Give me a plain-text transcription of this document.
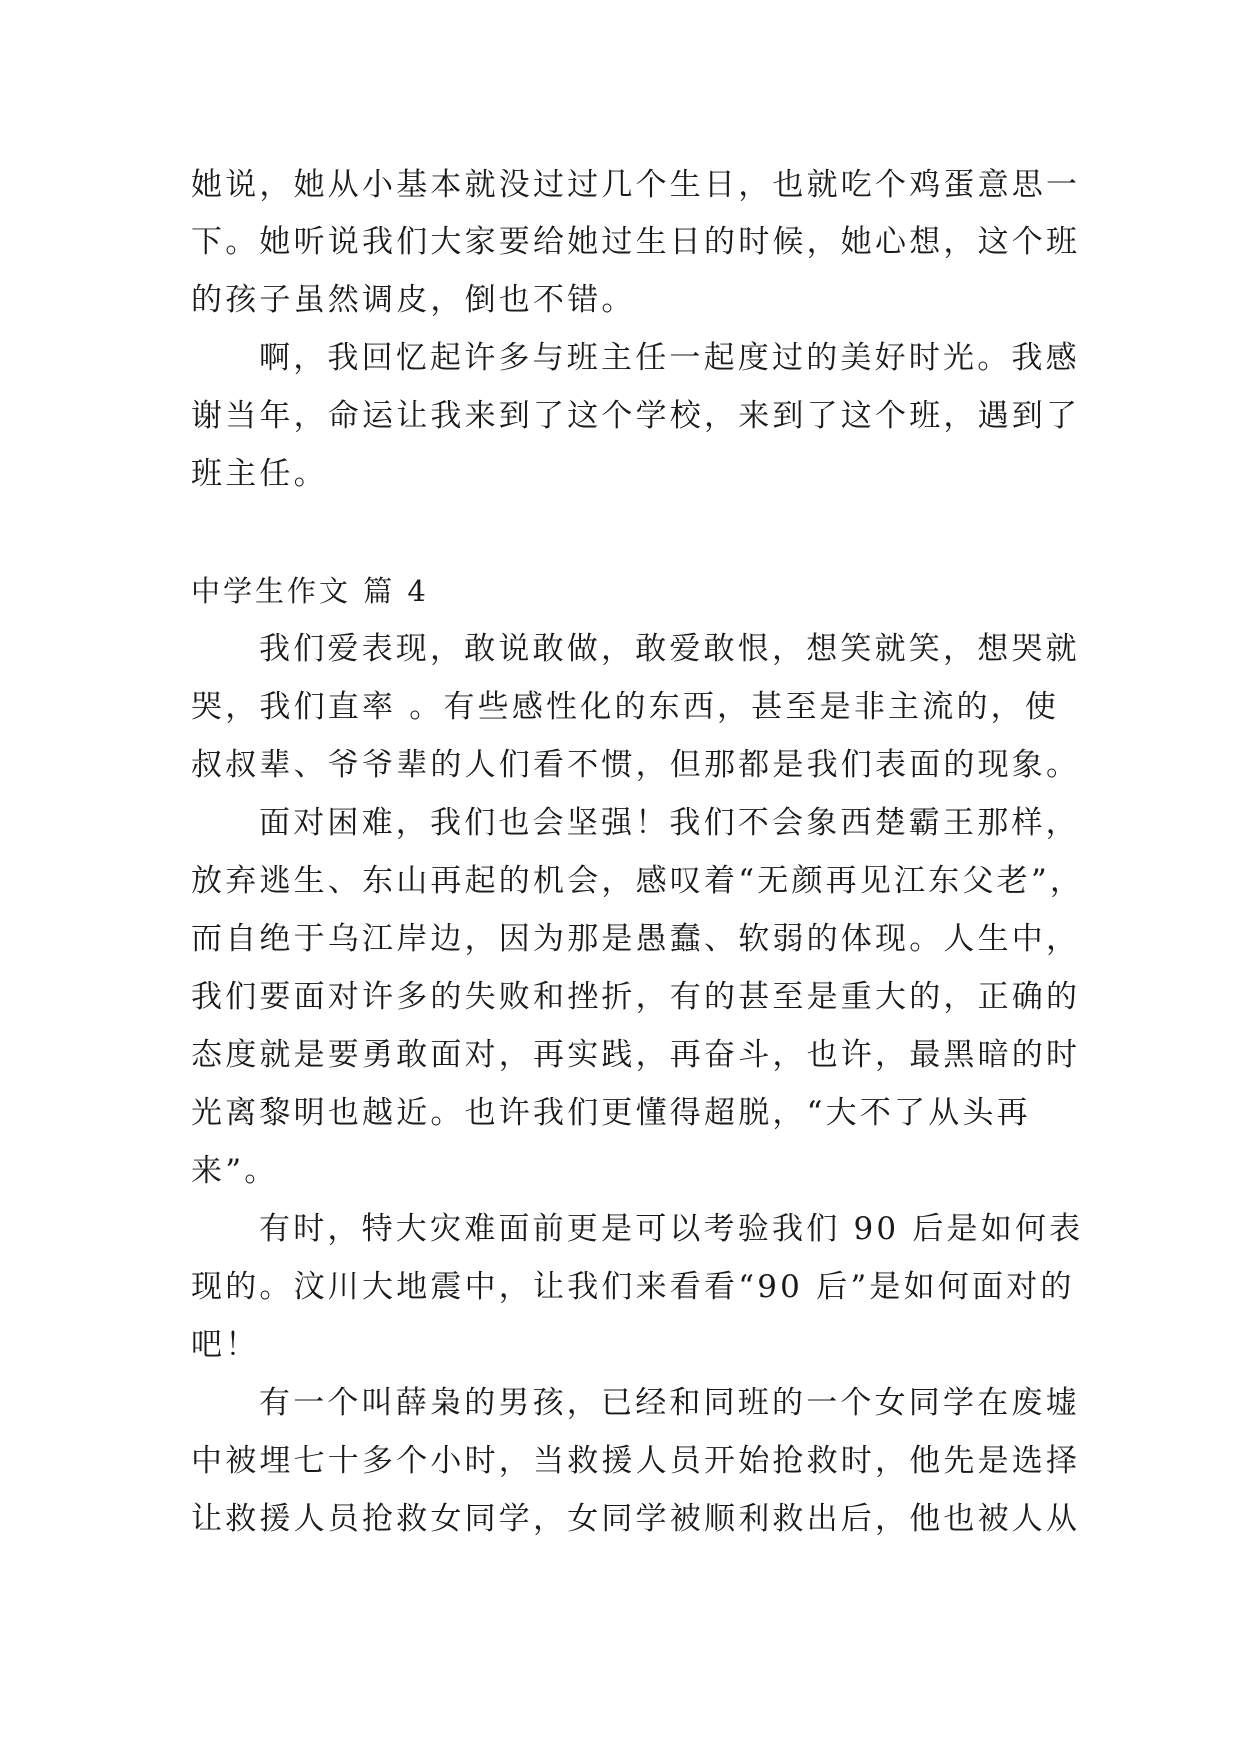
她说，她从小基本就没过过几个生日，也就吃个鸡蛋意思一
下。她听说我们大家要给她过生日的时候，她心想，这个班
的孩子虽然调皮，倒也不错。
啊，我回忆起许多与班主任一起度过的美好时光。我感
谢当年，命运让我来到了这个学校，来到了这个班，遇到了
班主任。
中学生作文 篇 4
我们爱表现，敢说敢做，敢爱敢恨，想笑就笑，想哭就
哭，我们直率 。有些感性化的东西，甚至是非主流的，使
叔叔辈、爷爷辈的人们看不惯，但那都是我们表面的现象。
面对困难，我们也会坚强！我们不会象西楚霸王那样，
放弃逃生、东山再起的机会，感叹着“无颜再见江东父老”，
而自绝于乌江岸边，因为那是愚蠢、软弱的体现。人生中，
我们要面对许多的失败和挫折，有的甚至是重大的，正确的
态度就是要勇敢面对，再实践，再奋斗，也许，最黑暗的时
光离黎明也越近。也许我们更懂得超脱，“大不了从头再
来”。
有时，特大灾难面前更是可以考验我们 90 后是如何表
现的。汶川大地震中，让我们来看看“90 后”是如何面对的
吧！
有一个叫薛枭的男孩，已经和同班的一个女同学在废墟
中被埋七十多个小时，当救援人员开始抢救时，他先是选择
让救援人员抢救女同学，女同学被顺利救出后，他也被人从
